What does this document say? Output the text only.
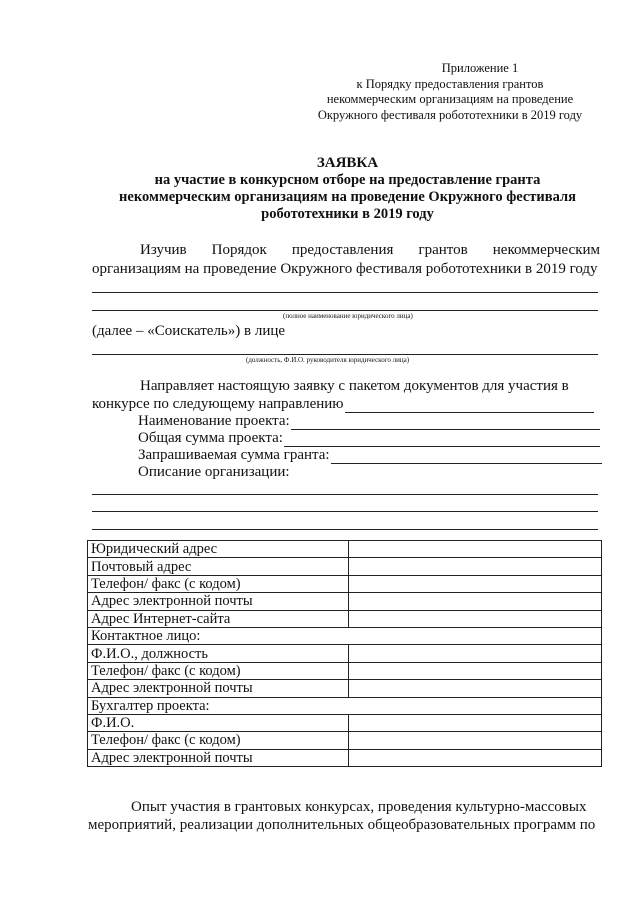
Приложение 1
к Порядку предоставления грантов
некоммерческим организациям на проведение
Окружного фестиваля робототехники в 2019 году
ЗАЯВКА
на участие в конкурсном отборе на предоставление гранта
некоммерческим организациям на проведение Окружного фестиваля
робототехники в 2019 году
Изучив Порядок предоставления грантов некоммерческим
организациям на проведение Окружного фестиваля робототехники в 2019 году
(полное наименование юридического лица)
(далее – «Соискатель») в лице
(должность, Ф.И.О. руководителя юридического лица)
Направляет настоящую заявку с пакетом документов для участия в
конкурсе по следующему направлению
Наименование проекта:
Общая сумма проекта:
Запрашиваемая сумма гранта:
Описание организации:
Юридический адрес	
Почтовый адрес	
Телефон/ факс (с кодом)	
Адрес электронной почты	
Адрес Интернет-сайта	
Контактное лицо:	
Ф.И.О., должность	
Телефон/ факс (с кодом)	
Адрес электронной почты	
Бухгалтер проекта:	
Ф.И.О.	
Телефон/ факс (с кодом)	
Адрес электронной почты	
Опыт участия в грантовых конкурсах, проведения культурно-массовых
мероприятий, реализации дополнительных общеобразовательных программ по
